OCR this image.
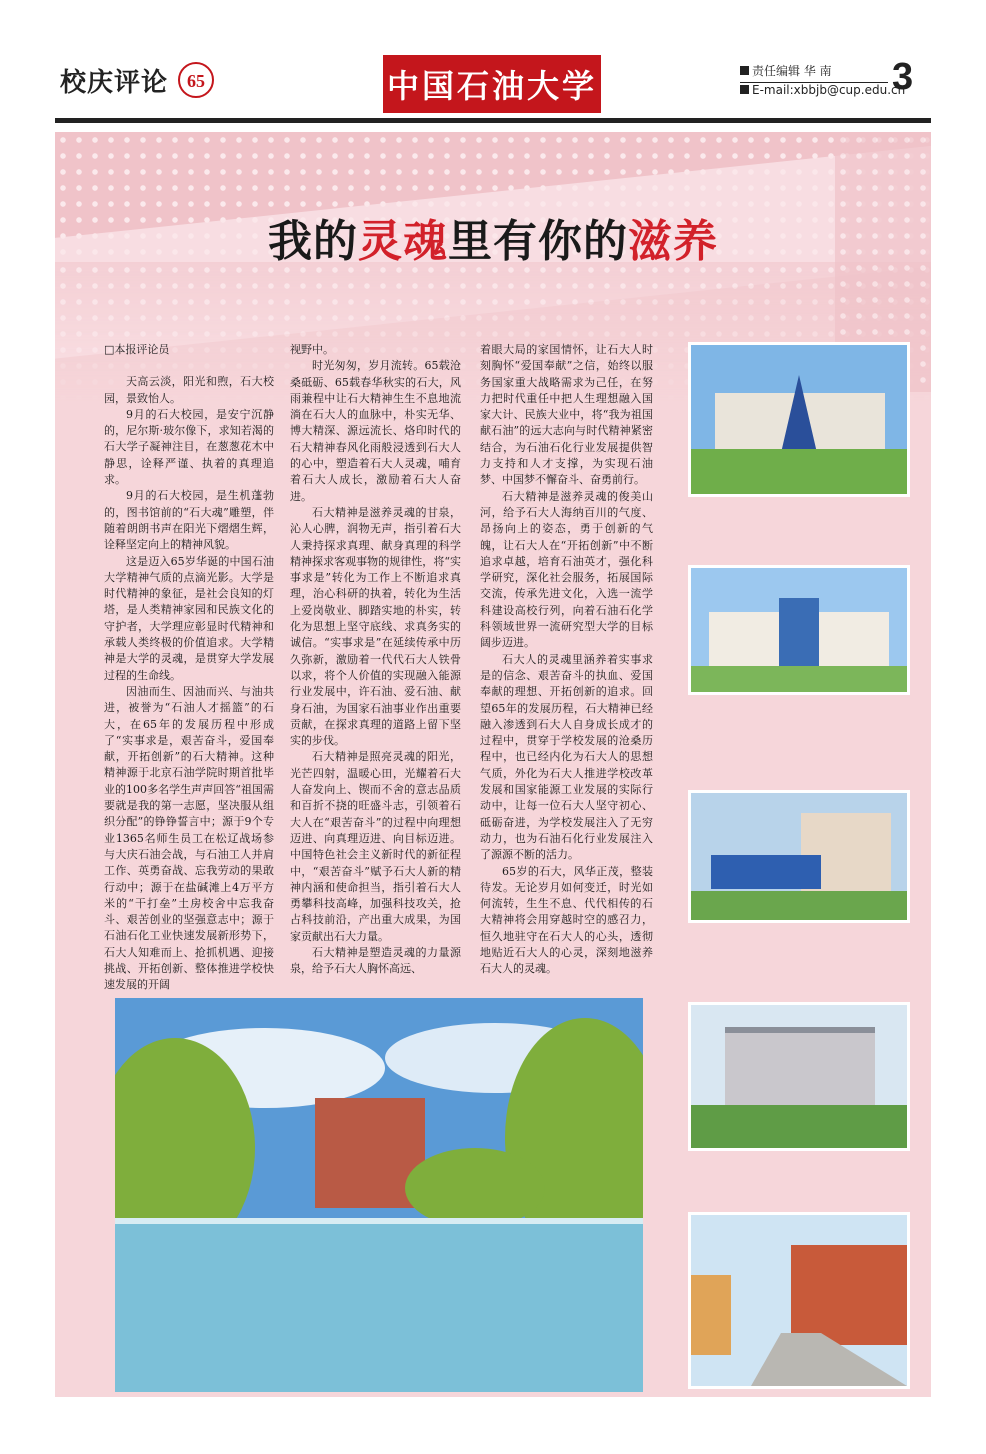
校庆评论 65	中国石油大学	责任编辑 华 南
E-mail:xbbjb@cup.edu.cn
3
我的灵魂里有你的滋养

□本报评论员

天高云淡，阳光和煦，石大校园，景致怡人。

9月的石大校园，是安宁沉静的，尼尔斯·玻尔像下，求知若渴的石大学子凝神注目，在葱葱花木中静思，诠释严谨、执着的真理追求。

9月的石大校园，是生机蓬勃的，图书馆前的“石大魂”雕塑，伴随着朗朗书声在阳光下熠熠生辉，诠释坚定向上的精神风貌。

这是迈入65岁华诞的中国石油大学精神气质的点滴光影。大学是时代精神的象征，是社会良知的灯塔，是人类精神家园和民族文化的守护者，大学理应彰显时代精神和承载人类终极的价值追求。大学精神是大学的灵魂，是贯穿大学发展过程的生命线。

因油而生、因油而兴、与油共进，被誉为“石油人才摇篮”的石大，在65年的发展历程中形成了“实事求是，艰苦奋斗，爱国奉献，开拓创新”的石大精神。这种精神源于北京石油学院时期首批毕业的100多名学生声声回答“祖国需要就是我的第一志愿，坚决服从组织分配”的铮铮誓言中；源于9个专业1365名师生员工在松辽战场参与大庆石油会战，与石油工人并肩工作、英勇奋战、忘我劳动的果敢行动中；源于在盐碱滩上4万平方米的“干打垒”土房校舍中忘我奋斗、艰苦创业的坚强意志中；源于石油石化工业快速发展新形势下，石大人知难而上、抢抓机遇、迎接挑战、开拓创新、整体推进学校快速发展的开阔

视野中。

时光匆匆，岁月流转。65载沧桑砥砺、65载春华秋实的石大，风雨兼程中让石大精神生生不息地流淌在石大人的血脉中，朴实无华、博大精深、源远流长、烙印时代的石大精神春风化雨般浸透到石大人的心中，塑造着石大人灵魂，哺育着石大人成长，激励着石大人奋进。

石大精神是滋养灵魂的甘泉，沁人心脾，润物无声，指引着石大人秉持探求真理、献身真理的科学精神探求客观事物的规律性，将“实事求是”转化为工作上不断追求真理，治心科研的执着，转化为生活上爱岗敬业、脚踏实地的朴实，转化为思想上坚守底线、求真务实的诚信。“实事求是”在延续传承中历久弥新，激励着一代代石大人铁骨以求，将个人价值的实现融入能源行业发展中，许石油、爱石油、献身石油，为国家石油事业作出重要贡献，在探求真理的道路上留下坚实的步伐。

石大精神是照亮灵魂的阳光，光芒四射，温暖心田，光耀着石大人奋发向上、锲而不舍的意志品质和百折不挠的旺盛斗志，引领着石大人在“艰苦奋斗”的过程中向理想迈进、向真理迈进、向目标迈进。中国特色社会主义新时代的新征程中，“艰苦奋斗”赋予石大人新的精神内涵和使命担当，指引着石大人勇攀科技高峰，加强科技攻关，抢占科技前沿，产出重大成果，为国家贡献出石大力量。

石大精神是塑造灵魂的力量源泉，给予石大人胸怀高远、

着眼大局的家国情怀，让石大人时刻胸怀“爱国奉献”之信，始终以服务国家重大战略需求为己任，在努力把时代重任中把人生理想融入国家大计、民族大业中，将“我为祖国献石油”的远大志向与时代精神紧密结合，为石油石化行业发展提供智力支持和人才支撑，为实现石油梦、中国梦不懈奋斗、奋勇前行。

石大精神是滋养灵魂的俊美山河，给予石大人海纳百川的气度、昂扬向上的姿态，勇于创新的气魄，让石大人在“开拓创新”中不断追求卓越，培育石油英才，强化科学研究，深化社会服务，拓展国际交流，传承先进文化，入选一流学科建设高校行列，向着石油石化学科领域世界一流研究型大学的目标阔步迈进。

石大人的灵魂里涵养着实事求是的信念、艰苦奋斗的执血、爱国奉献的理想、开拓创新的追求。回望65年的发展历程，石大精神已经融入渗透到石大人自身成长成才的过程中，贯穿于学校发展的沧桑历程中，也已经内化为石大人的思想气质，外化为石大人推进学校改革发展和国家能源工业发展的实际行动中，让每一位石大人坚守初心、砥砺奋进，为学校发展注入了无穷动力，也为石油石化行业发展注入了源源不断的活力。

65岁的石大，风华正茂，整装待发。无论岁月如何变迁，时光如何流转，生生不息、代代相传的石大精神将会用穿越时空的感召力，恒久地驻守在石大人的心头，透彻地贴近石大人的心灵，深刻地滋养石大人的灵魂。
